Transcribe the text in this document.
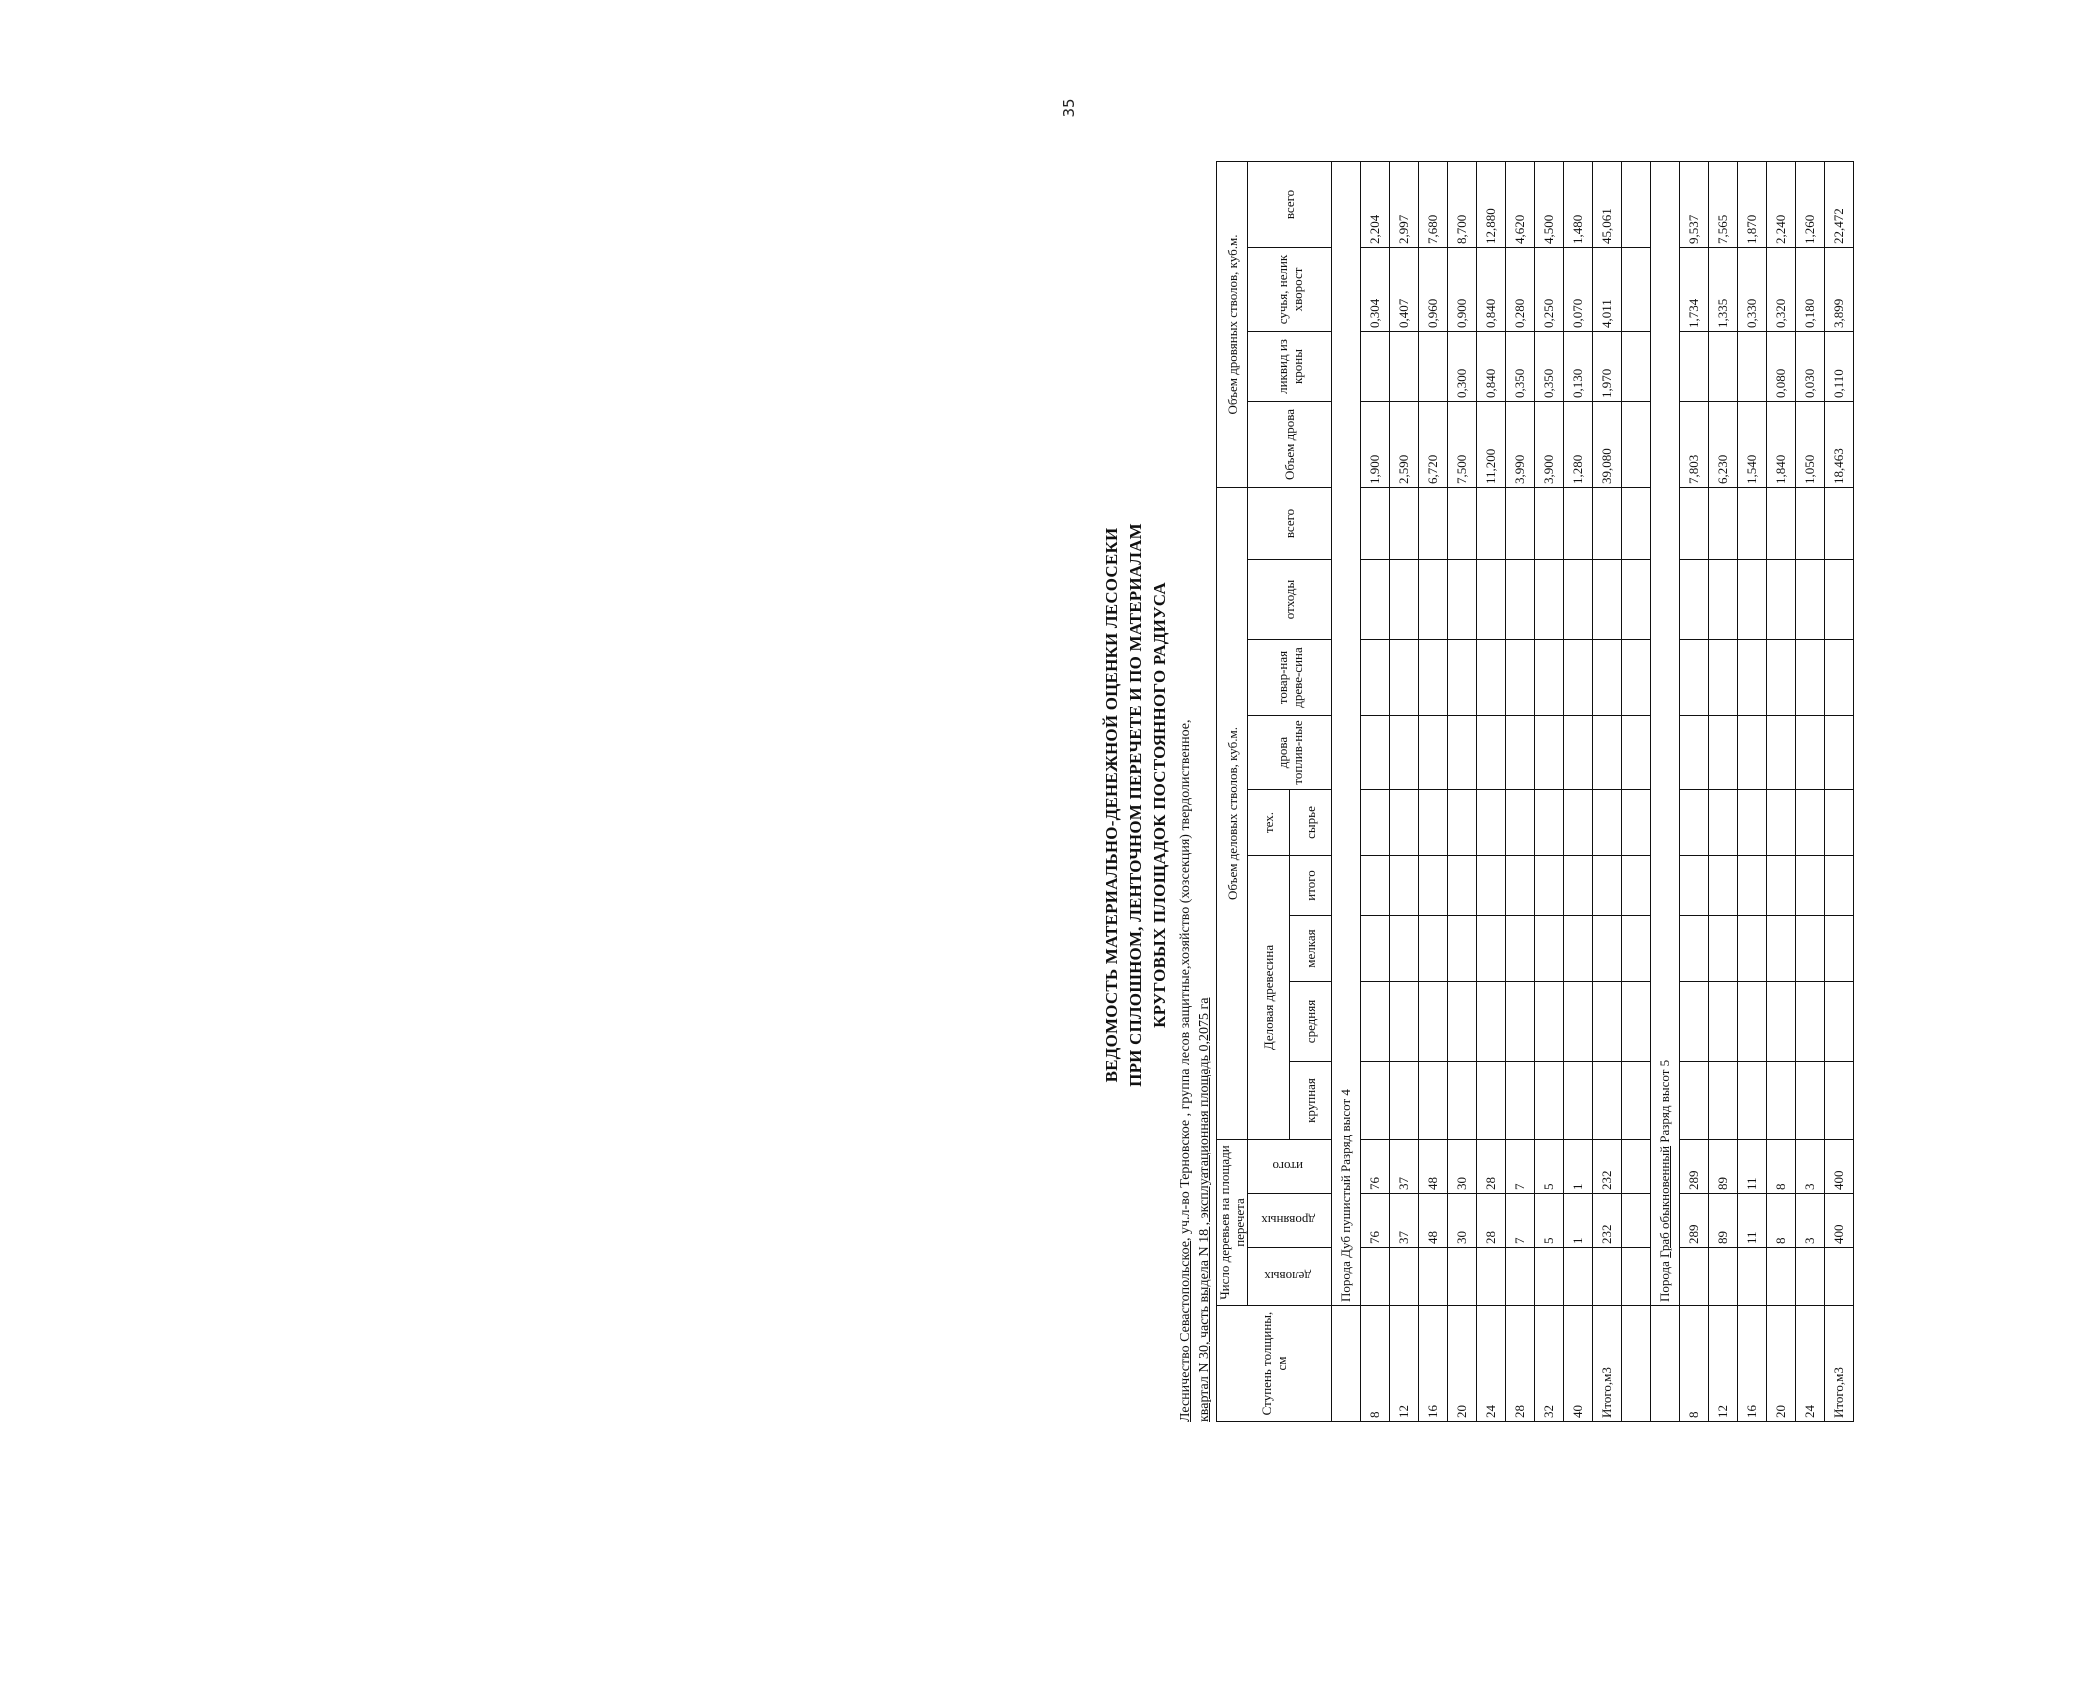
35

ВЕДОМОСТЬ МАТЕРИАЛЬНО-ДЕНЕЖНОЙ ОЦЕНКИ ЛЕСОСЕКИ ПРИ СПЛОШНОМ, ЛЕНТОЧНОМ ПЕРЕЧЕТЕ И ПО МАТЕРИАЛАМ КРУГОВЫХ ПЛОЩАДОК ПОСТОЯННОГО РАДИУСА

Лесничество Севастопольское, уч.л-во Терновское , группа лесов защитные,хозяйство (хозсекция) твердолиственное, квартал N 30, часть выдела N 18 , эксплуатационная площадь 0,2075 га	Ступень толщины, см	Число деревьев на площади перечета			Объем деловых стволов, куб.м.									Объем дровяных стволов, куб.м.			
	деловых	дровяных	итого	Деловая древесина				тех.	дрова топлив-ные	товар-ная древе-сина	отходы	всего	Объем дрова	ликвид из кроны	сучья, нелик хворост	всего
				крупная	средняя	мелкая	итого	сырье								
	Порода Дуб пушистый Разряд высот 4															
8		76	76										1,900		0,304	2,204
12		37	37										2,590		0,407	2,997
16		48	48										6,720		0,960	7,680
20		30	30										7,500	0,300	0,900	8,700
24		28	28										11,200	0,840	0,840	12,880
28		7	7										3,990	0,350	0,280	4,620
32		5	5										3,900	0,350	0,250	4,500
40		1	1										1,280	0,130	0,070	1,480
Итого,м3		232	232										39,080	1,970	4,011	45,061

	Порода Граб обыкновенный Разряд высот 5															
8		289	289										7,803		1,734	9,537
12		89	89										6,230		1,335	7,565
16		11	11										1,540		0,330	1,870
20		8	8										1,840	0,080	0,320	2,240
24		3	3										1,050	0,030	0,180	1,260
Итого,м3		400	400										18,463	0,110	3,899	22,472
